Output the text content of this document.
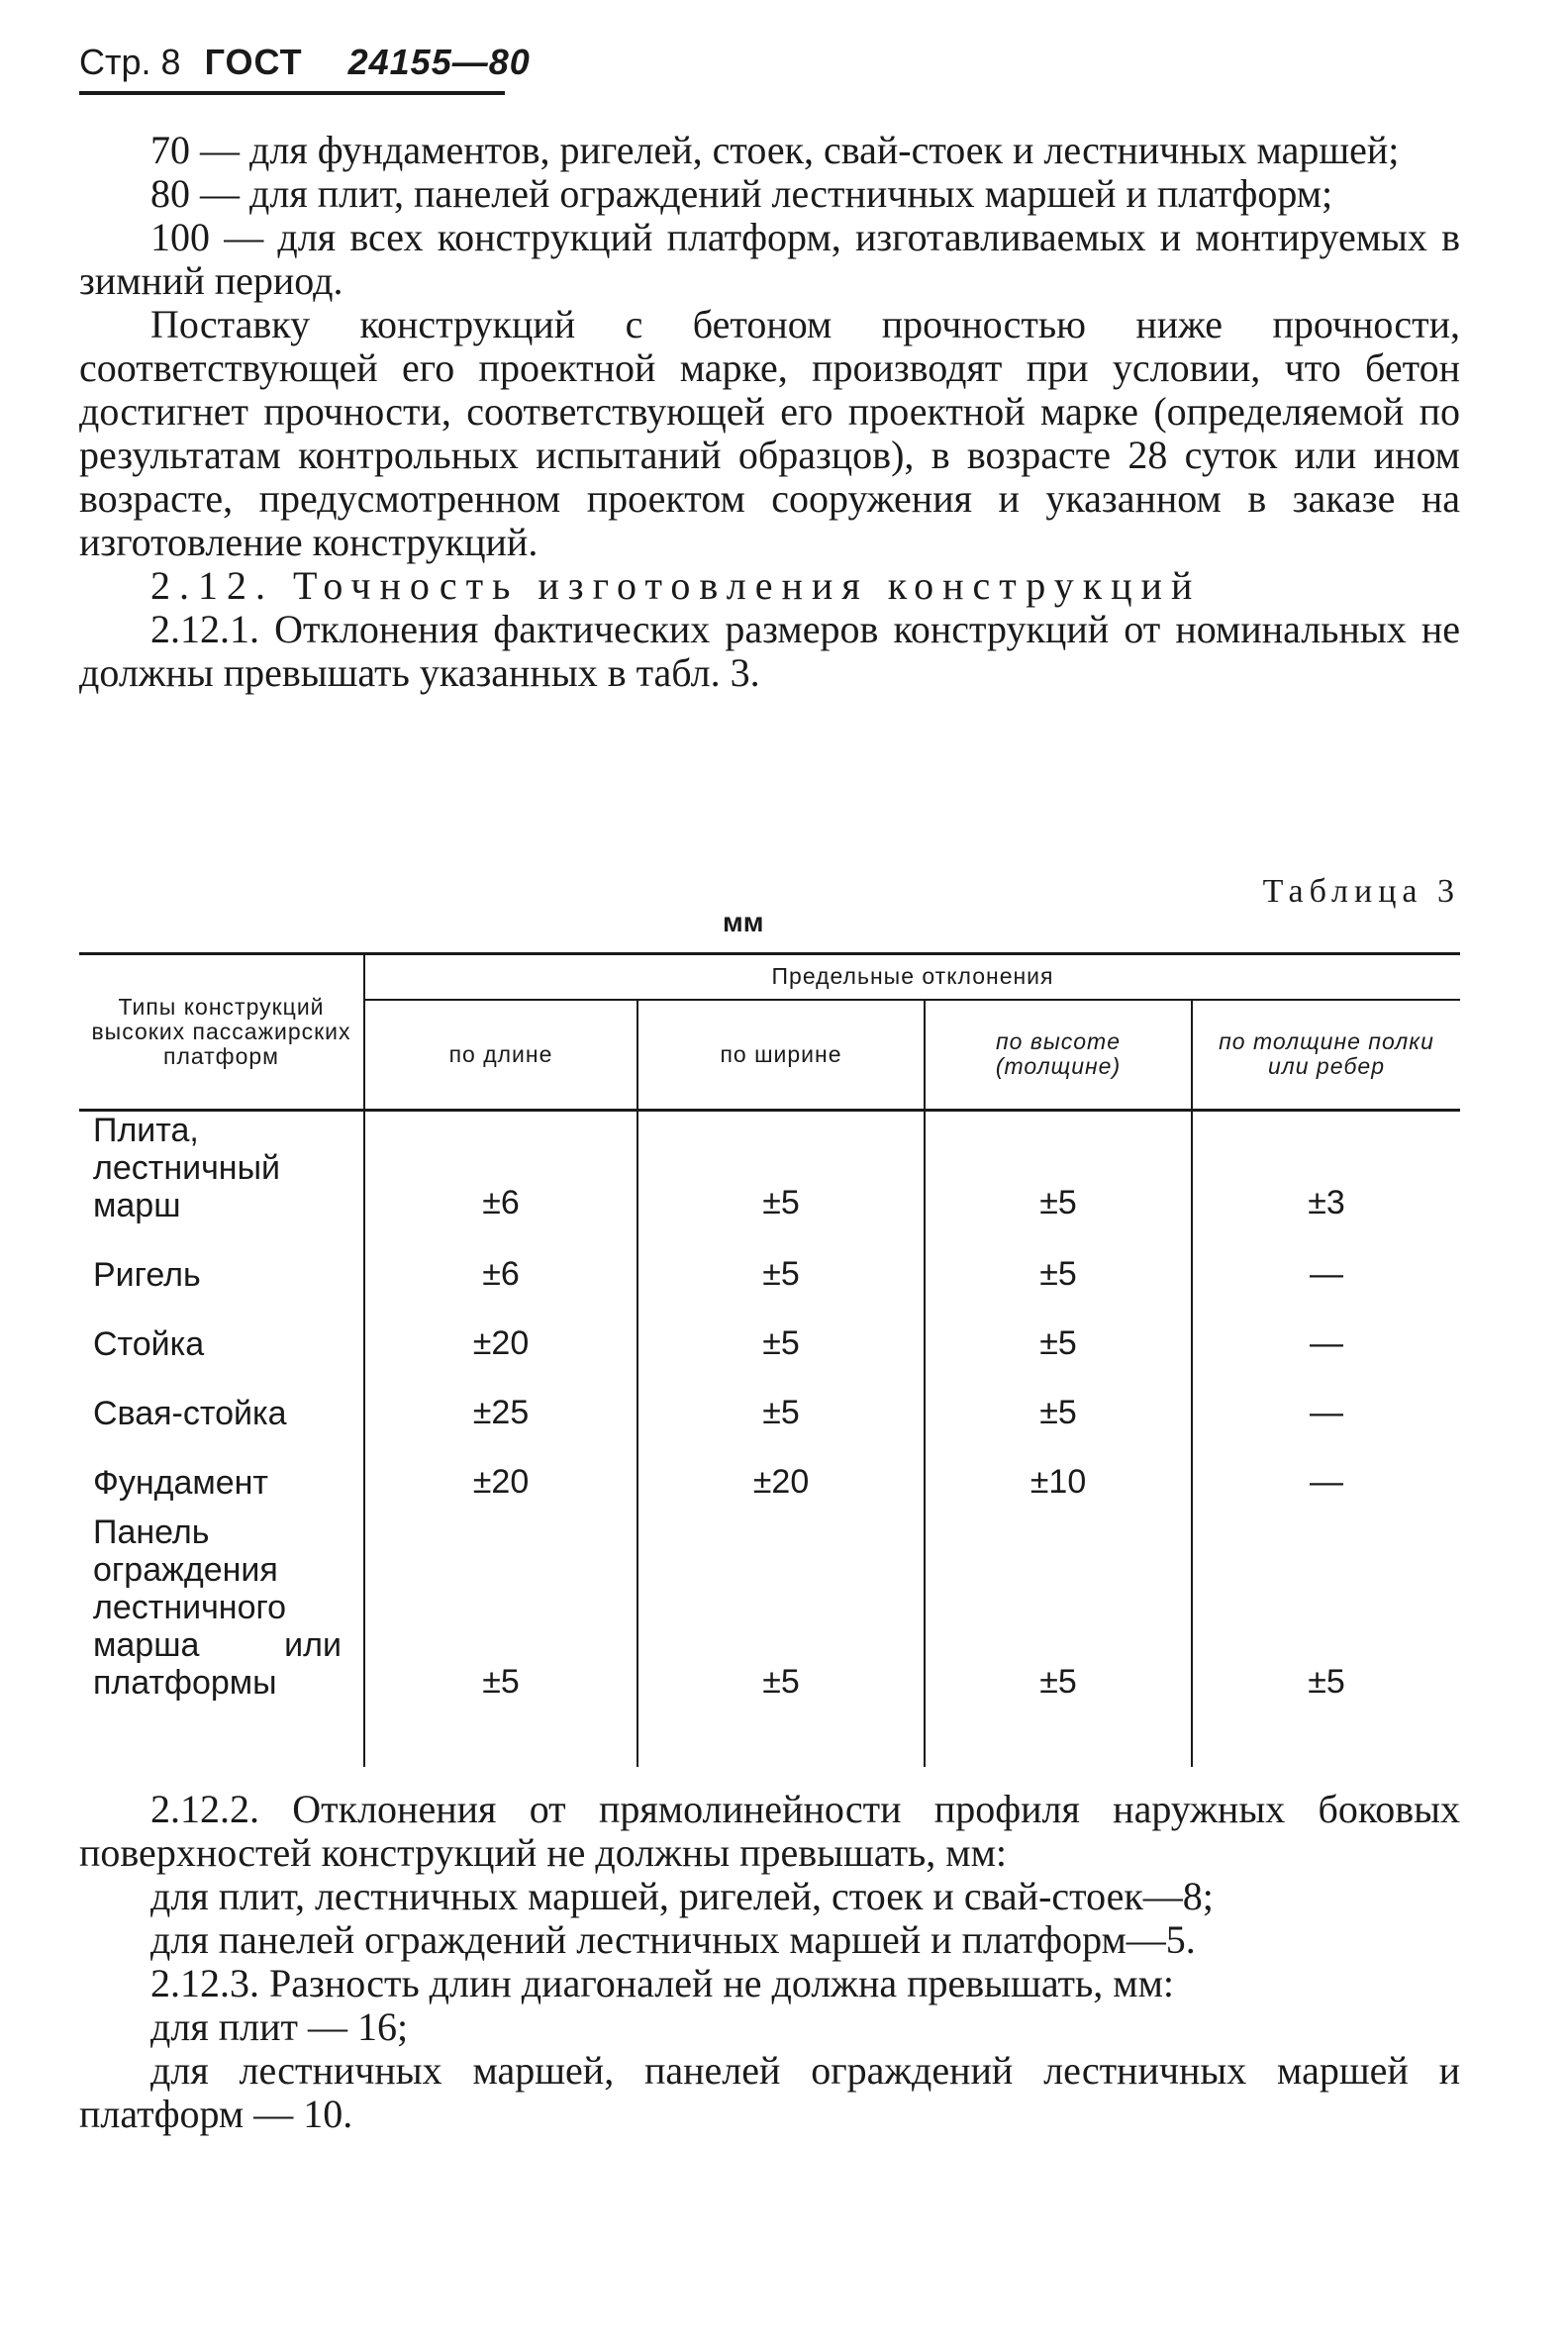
Стр. 8 ГОСТ 24155—80

70 — для фундаментов, ригелей, стоек, свай-стоек и лестничных маршей;

80 — для плит, панелей ограждений лестничных маршей и платформ;

100 — для всех конструкций платформ, изготавливаемых и монтируемых в зимний период.

Поставку конструкций с бетоном прочностью ниже прочности, соответствующей его проектной марке, производят при условии, что бетон достигнет прочности, соответствующей его проектной марке (определяемой по результатам контрольных испытаний образцов), в возрасте 28 суток или ином возрасте, предусмотренном проектом сооружения и указанном в заказе на изготовление конструкций.

2.12. Точность изготовления конструкций

2.12.1. Отклонения фактических размеров конструкций от номинальных не должны превышать указанных в табл. 3.

Таблица 3
мм
Типы конструкций высоких пассажирских платформ	Предельные отклонения			
	по длине	по ширине	по высоте (толщине)	по толщине полки или ребер
Плита, лестничный марш	±6	±5	±5	±3
Ригель	±6	±5	±5	—
Стойка	±20	±5	±5	—
Свая-стойка	±25	±5	±5	—
Фундамент	±20	±20	±10	—
Панель ограждения лестничного марша или платформы	±5	±5	±5	±5

2.12.2. Отклонения от прямолинейности профиля наружных боковых поверхностей конструкций не должны превышать, мм:

для плит, лестничных маршей, ригелей, стоек и свай-стоек—8;

для панелей ограждений лестничных маршей и платформ—5.

2.12.3. Разность длин диагоналей не должна превышать, мм:

для плит — 16;

для лестничных маршей, панелей ограждений лестничных маршей и платформ — 10.
